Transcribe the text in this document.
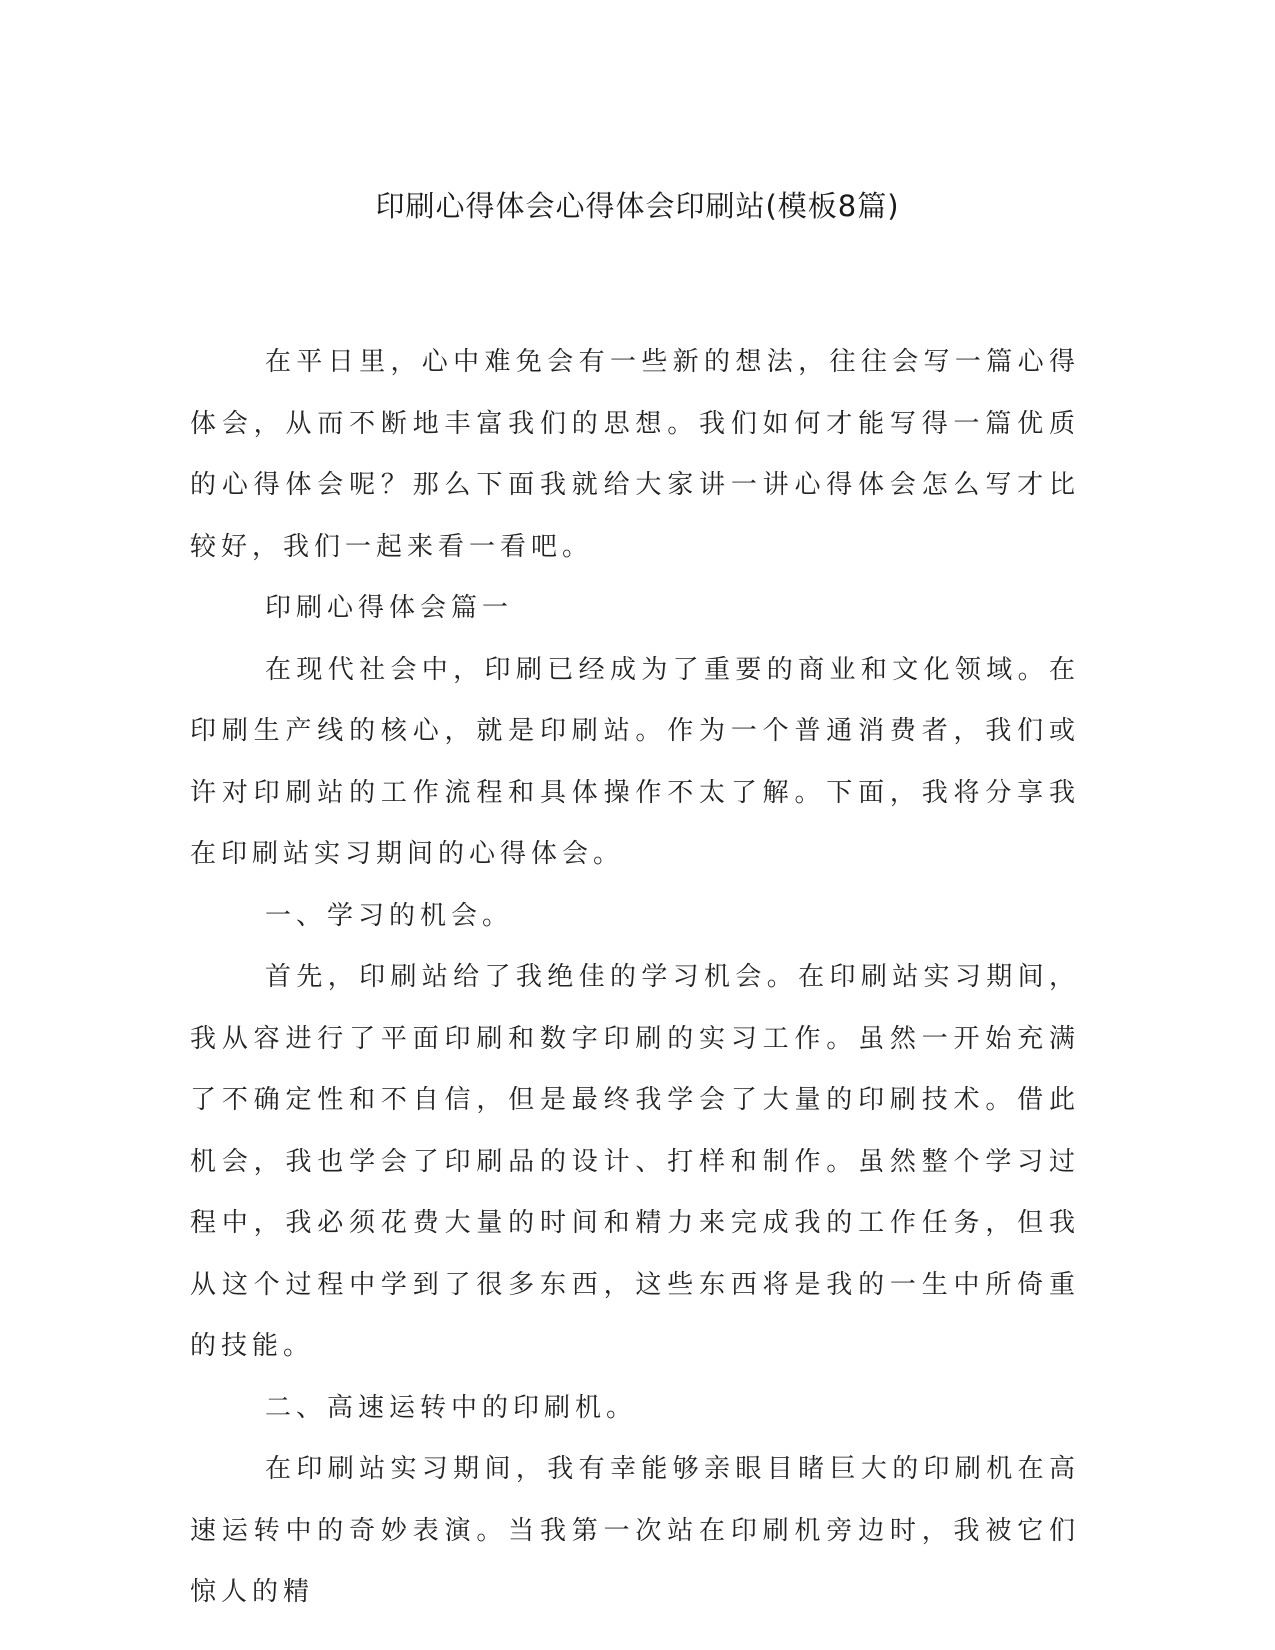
印刷心得体会心得体会印刷站(模板8篇)

在平日里，心中难免会有一些新的想法，往往会写一篇心得体会，从而不断地丰富我们的思想。我们如何才能写得一篇优质的心得体会呢？那么下面我就给大家讲一讲心得体会怎么写才比较好，我们一起来看一看吧。

印刷心得体会篇一

在现代社会中，印刷已经成为了重要的商业和文化领域。在印刷生产线的核心，就是印刷站。作为一个普通消费者，我们或许对印刷站的工作流程和具体操作不太了解。下面，我将分享我在印刷站实习期间的心得体会。

一、学习的机会。

首先，印刷站给了我绝佳的学习机会。在印刷站实习期间，我从容进行了平面印刷和数字印刷的实习工作。虽然一开始充满了不确定性和不自信，但是最终我学会了大量的印刷技术。借此机会，我也学会了印刷品的设计、打样和制作。虽然整个学习过程中，我必须花费大量的时间和精力来完成我的工作任务，但我从这个过程中学到了很多东西，这些东西将是我的一生中所倚重的技能。

二、高速运转中的印刷机。

在印刷站实习期间，我有幸能够亲眼目睹巨大的印刷机在高速运转中的奇妙表演。当我第一次站在印刷机旁边时，我被它们惊人的精
